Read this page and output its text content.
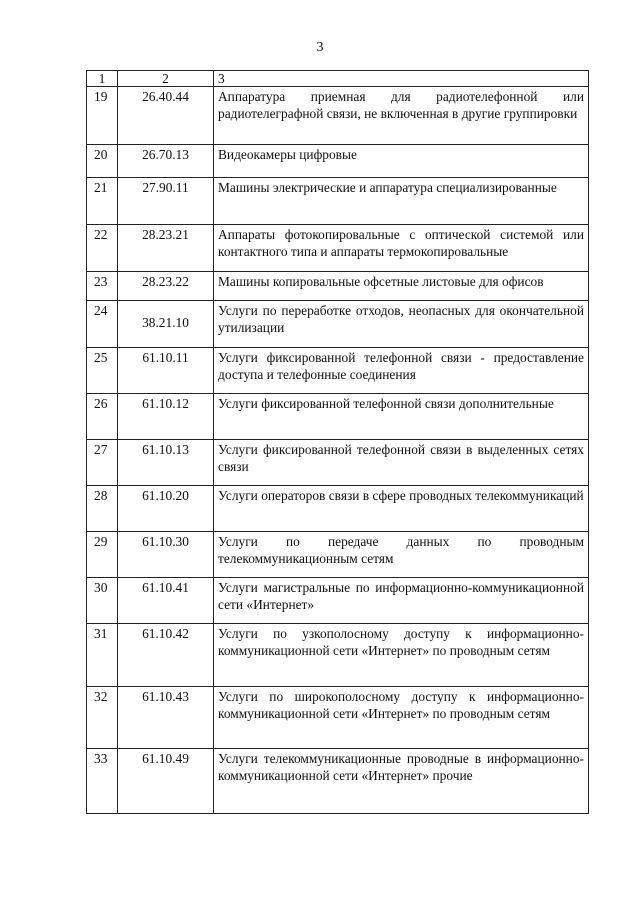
3
1	2	3
19	26.40.44	Аппаратура приемная для радиотелефонной или радиотелеграфной связи, не включенная в другие группировки
20	26.70.13	Видеокамеры цифровые
21	27.90.11	Машины электрические и аппаратура специализированные
22	28.23.21	Аппараты фотокопировальные с оптической системой или контактного типа и аппараты термокопировальные
23	28.23.22	Машины копировальные офсетные листовые для офисов
24	38.21.10	Услуги по переработке отходов, неопасных для окончательной утилизации
25	61.10.11	Услуги фиксированной телефонной связи - предоставление доступа и телефонные соединения
26	61.10.12	Услуги фиксированной телефонной связи дополнительные
27	61.10.13	Услуги фиксированной телефонной связи в выделенных сетях связи
28	61.10.20	Услуги операторов связи в сфере проводных телекоммуникаций
29	61.10.30	Услуги по передаче данных по проводным телекоммуникационным сетям
30	61.10.41	Услуги магистральные по информационно-коммуникационной сети «Интернет»
31	61.10.42	Услуги по узкополосному доступу к информационно-коммуникационной сети «Интернет» по проводным сетям
32	61.10.43	Услуги по широкополосному доступу к информационно-коммуникационной сети «Интернет» по проводным сетям
33	61.10.49	Услуги телекоммуникационные проводные в информационно-коммуникационной сети «Интернет» прочие
